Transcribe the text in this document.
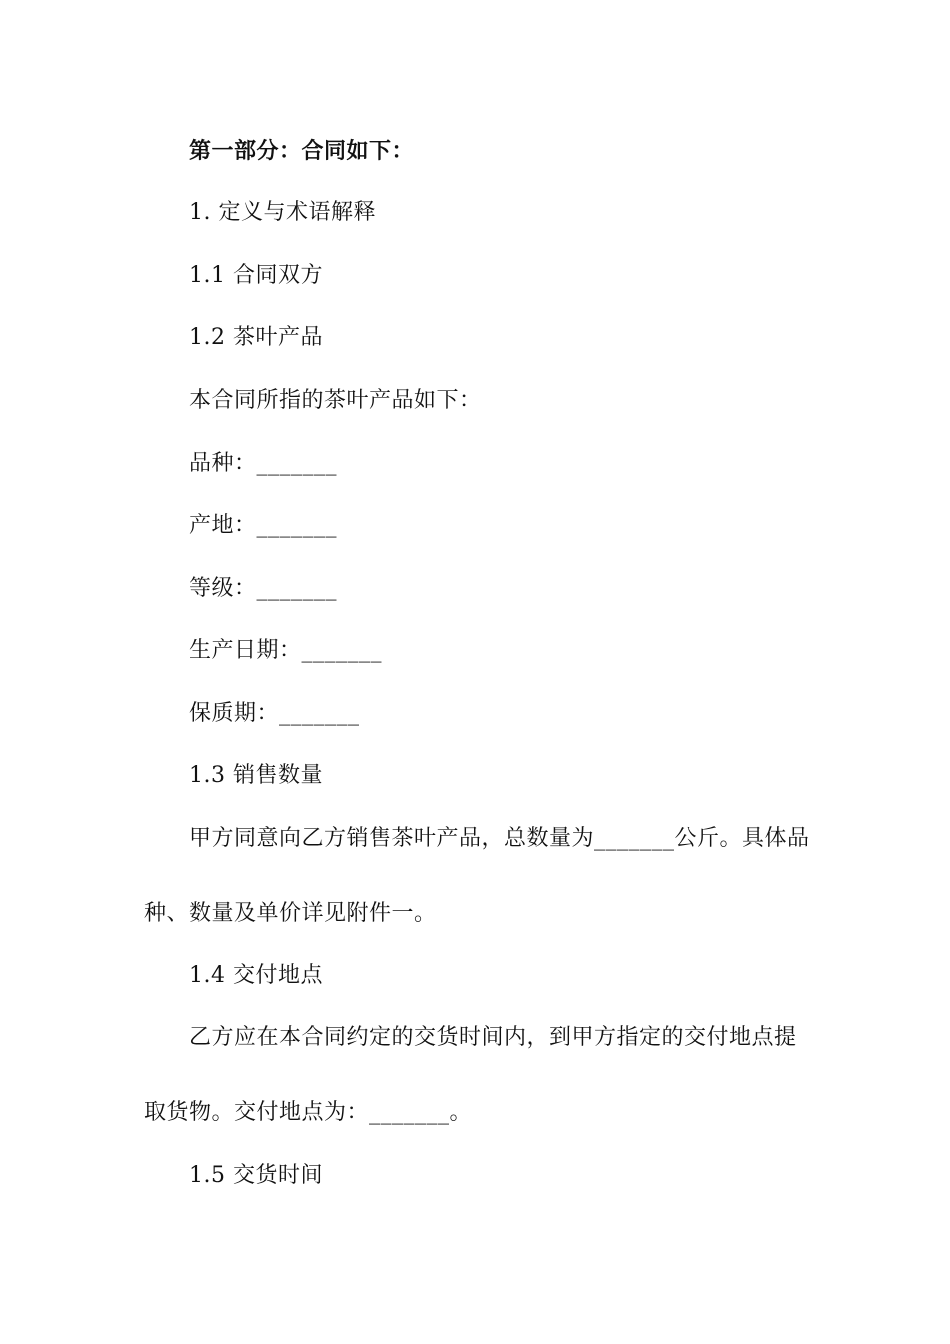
第一部分：合同如下：

1. 定义与术语解释

1.1 合同双方

1.2 茶叶产品

本合同所指的茶叶产品如下：

品种：_______

产地：_______

等级：_______

生产日期：_______

保质期：_______

1.3 销售数量

甲方同意向乙方销售茶叶产品，总数量为_______公斤。具体品

种、数量及单价详见附件一。

1.4 交付地点

乙方应在本合同约定的交货时间内，到甲方指定的交付地点提

取货物。交付地点为：_______。

1.5 交货时间
